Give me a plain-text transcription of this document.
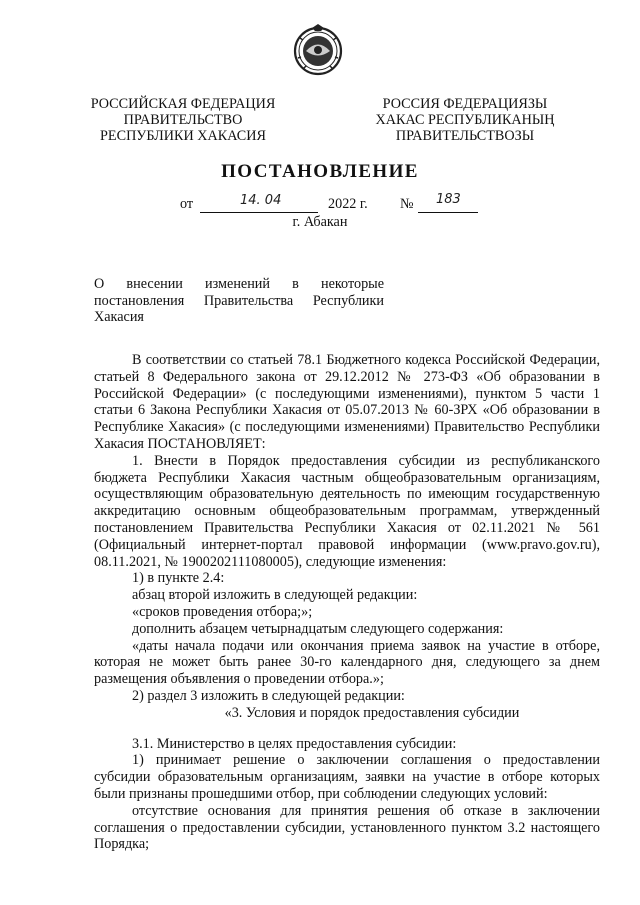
РОССИЙСКАЯ ФЕДЕРАЦИЯ
ПРАВИТЕЛЬСТВО
РЕСПУБЛИКИ ХАКАСИЯ
РОССИЯ ФЕДЕРАЦИЯЗЫ
ХАКАС РЕСПУБЛИКАНЫҢ
ПРАВИТЕЛЬСТВОЗЫ
ПОСТАНОВЛЕНИЕ
от	14. 04	2022 г. № 183
г. Абакан
О внесении изменений в некоторые
постановления Правительства Республики
Хакасия

В соответствии со статьей 78.1 Бюджетного кодекса Российской Федерации, статьей 8 Федерального закона от 29.12.2012 № 273-ФЗ «Об образовании в Российской Федерации» (с последующими изменениями), пунктом 5 части 1 статьи 6 Закона Республики Хакасия от 05.07.2013 № 60-ЗРХ «Об образовании в Республике Хакасия» (с последующими изменениями) Правительство Республики Хакасия ПОСТАНОВЛЯЕТ:

1. Внести в Порядок предоставления субсидии из республиканского бюджета Республики Хакасия частным общеобразовательным организациям, осуществляющим образовательную деятельность по имеющим государственную аккредитацию основным общеобразовательным программам, утвержденный постановлением Правительства Республики Хакасия от 02.11.2021 № 561 (Официальный интернет-портал правовой информации (www.pravo.gov.ru), 08.11.2021, № 1900202111080005), следующие изменения:

1) в пункте 2.4:

абзац второй изложить в следующей редакции:

«сроков проведения отбора;»;

дополнить абзацем четырнадцатым следующего содержания:

«даты начала подачи или окончания приема заявок на участие в отборе, которая не может быть ранее 30-го календарного дня, следующего за днем размещения объявления о проведении отбора.»;

2) раздел 3 изложить в следующей редакции:

«3. Условия и порядок предоставления субсидии

3.1. Министерство в целях предоставления субсидии:

1) принимает решение о заключении соглашения о предоставлении субсидии образовательным организациям, заявки на участие в отборе которых были признаны прошедшими отбор, при соблюдении следующих условий:

отсутствие основания для принятия решения об отказе в заключении соглашения о предоставлении субсидии, установленного пунктом 3.2 настоящего Порядка;
